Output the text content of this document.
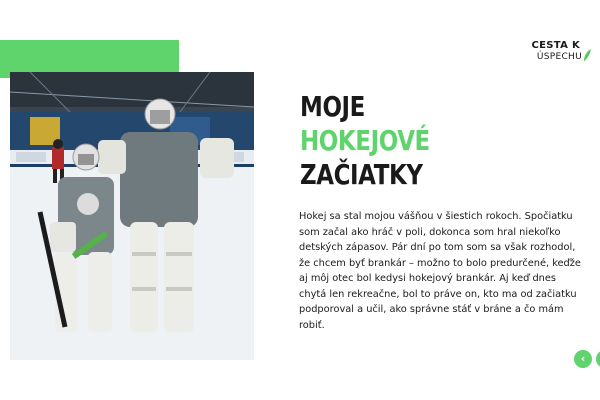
CESTA K
ÚSPECHU
MOJE
HOKEJOVÉ
ZAČIATKY

Hokej sa stal mojou vášňou v šiestich rokoch. Spočiatku som začal ako hráč v poli, dokonca som hral niekoľko detských zápasov. Pár dní po tom som sa však rozhodol, že chcem byť brankár – možno to bolo predurčené, keďže aj môj otec bol kedysi hokejový brankár. Aj keď dnes chytá len rekreačne, bol to práve on, kto ma od začiatku podporoval a učil, ako správne stáť v bráne a čo mám robiť.

‹
